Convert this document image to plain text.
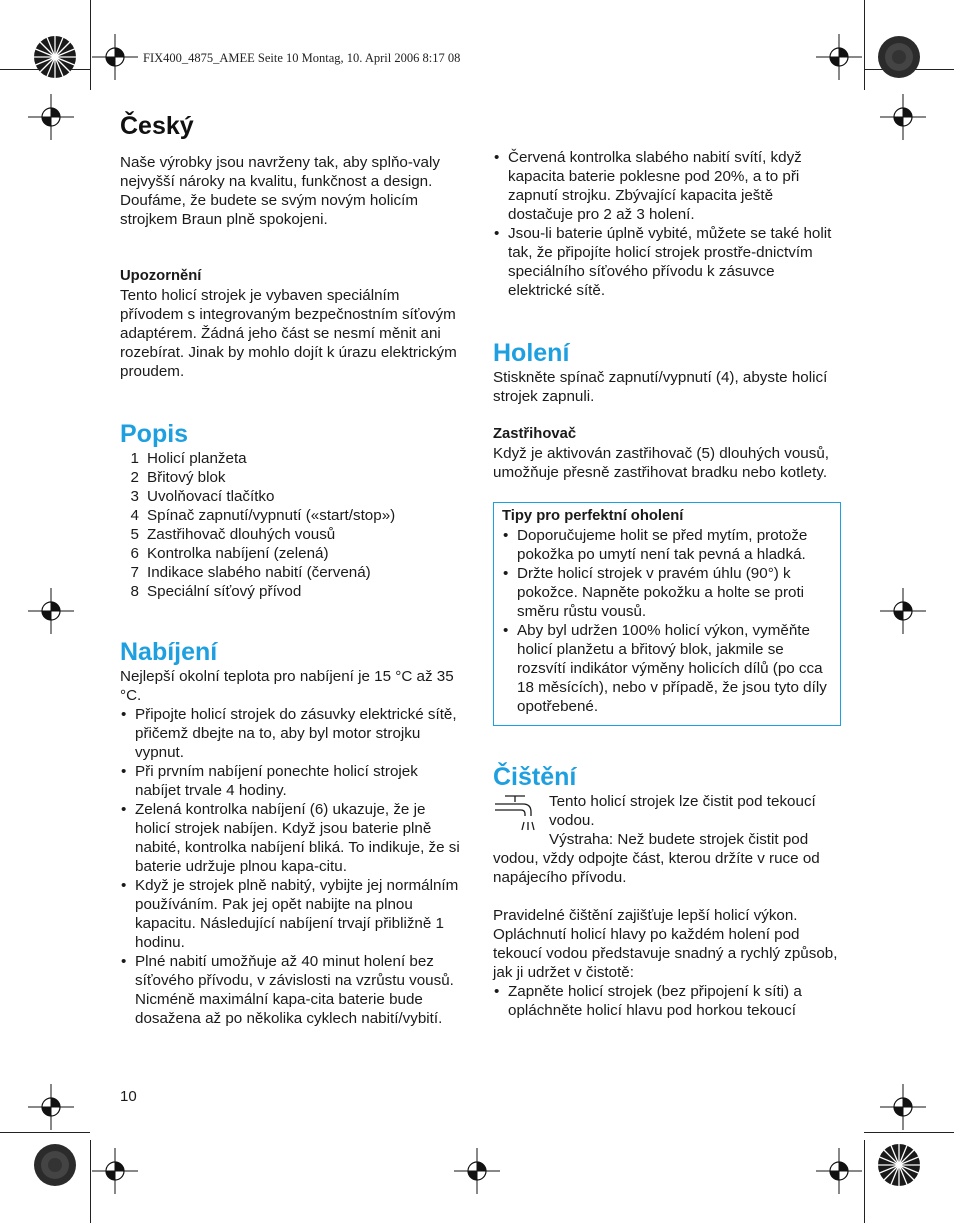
FIX400_4875_AMEE Seite 10 Montag, 10. April 2006 8:17 08
Český

Naše výrobky jsou navrženy tak, aby splňo-valy nejvyšší nároky na kvalitu, funkčnost a design. Doufáme, že budete se svým novým holicím strojkem Braun plně spokojeni.

Upozornění

Tento holicí strojek je vybaven speciálním přívodem s integrovaným bezpečnostním síťovým adaptérem. Žádná jeho část se nesmí měnit ani rozebírat. Jinak by mohlo dojít k úrazu elektrickým proudem.

Popis
1 Holicí planžeta
2 Břitový blok
3 Uvolňovací tlačítko
4 Spínač zapnutí/vypnutí («start/stop»)
5 Zastřihovač dlouhých vousů
6 Kontrolka nabíjení (zelená)
7 Indikace slabého nabití (červená)
8 Speciální síťový přívod
Nabíjení

Nejlepší okolní teplota pro nabíjení je 15 °C až 35 °C.

• Připojte holicí strojek do zásuvky elektrické sítě, přičemž dbejte na to, aby byl motor strojku vypnut.
• Při prvním nabíjení ponechte holicí strojek nabíjet trvale 4 hodiny.
• Zelená kontrolka nabíjení (6) ukazuje, že je holicí strojek nabíjen. Když jsou baterie plně nabité, kontrolka nabíjení bliká. To indikuje, že si baterie udržuje plnou kapa-citu.
• Když je strojek plně nabitý, vybijte jej normálním používáním. Pak jej opět nabijte na plnou kapacitu. Následující nabíjení trvají přibližně 1 hodinu.
• Plné nabití umožňuje až 40 minut holení bez síťového přívodu, v závislosti na vzrůstu vousů. Nicméně maximální kapa-cita baterie bude dosažena až po několika cyklech nabití/vybití.
10
• Červená kontrolka slabého nabití svítí, když kapacita baterie poklesne pod 20%, a to při zapnutí strojku. Zbývající kapacita ještě dostačuje pro 2 až 3 holení.
• Jsou-li baterie úplně vybité, můžete se také holit tak, že připojíte holicí strojek prostře-dnictvím speciálního síťového přívodu k zásuvce elektrické sítě.
Holení

Stiskněte spínač zapnutí/vypnutí (4), abyste holicí strojek zapnuli.

Zastřihovač

Když je aktivován zastřihovač (5) dlouhých vousů, umožňuje přesně zastřihovat bradku nebo kotlety.

Tipy pro perfektní oholení
• Doporučujeme holit se před mytím, protože pokožka po umytí není tak pevná a hladká.
• Držte holicí strojek v pravém úhlu (90°) k pokožce. Napněte pokožku a holte se proti směru růstu vousů.
• Aby byl udržen 100% holicí výkon, vyměňte holicí planžetu a břitový blok, jakmile se rozsvítí indikátor výměny holicích dílů (po cca 18 měsících), nebo v případě, že jsou tyto díly opotřebené.
Čištění

Tento holicí strojek lze čistit pod tekoucí vodou.

Výstraha: Než budete strojek čistit pod vodou, vždy odpojte část, kterou držíte v ruce od napájecího přívodu.

Pravidelné čištění zajišťuje lepší holicí výkon. Opláchnutí holicí hlavy po každém holení pod tekoucí vodou představuje snadný a rychlý způsob, jak ji udržet v čistotě:

• Zapněte holicí strojek (bez připojení k síti) a opláchněte holicí hlavu pod horkou tekoucí
